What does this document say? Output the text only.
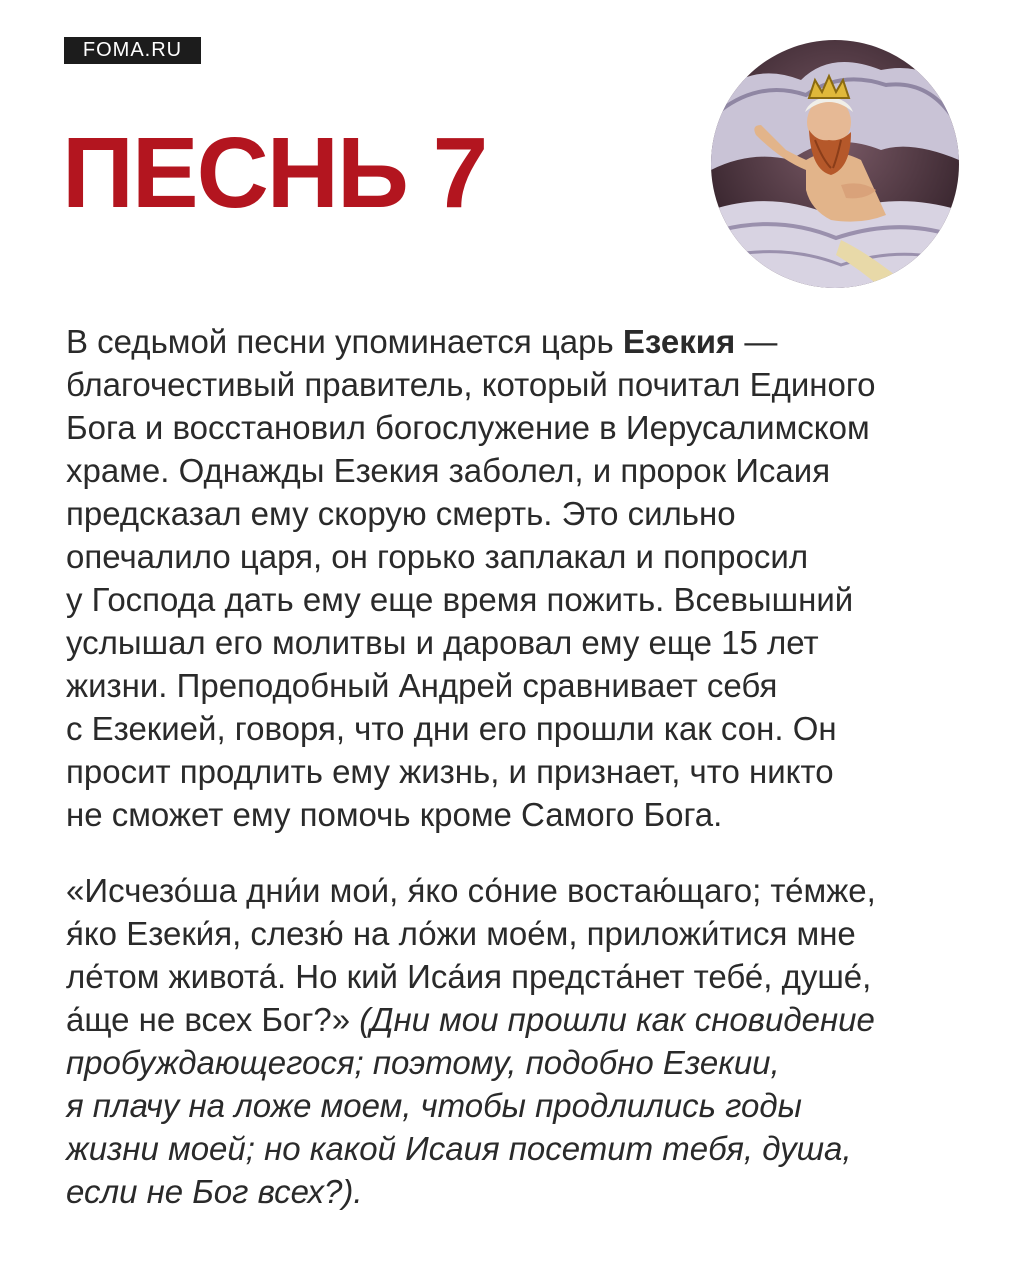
FOMA.RU
ПЕСНЬ 7
В седьмой песни упоминается царь Езекия —
благочестивый правитель, который почитал Единого
Бога и восстановил богослужение в Иерусалимском
храме. Однажды Езекия заболел, и пророк Исаия
предсказал ему скорую смерть. Это сильно
опечалило царя, он горько заплакал и попросил
у Господа дать ему еще время пожить. Всевышний
услышал его молитвы и даровал ему еще 15 лет
жизни. Преподобный Андрей сравнивает себя
с Езекией, говоря, что дни его прошли как сон. Он
просит продлить ему жизнь, и признает, что никто
не сможет ему помочь кроме Самого Бога.
«Исчезо́ша дни́и мои́, я́ко со́ние востаю́щаго; те́мже,
я́ко Езеки́я, слезю́ на ло́жи мое́м, приложи́тися мне
ле́том живота́. Но кий Иса́ия предста́нет тебе́, душе́,
а́ще не всех Бог?» (Дни мои прошли как сновидение
пробуждающегося; поэтому, подобно Езекии,
я плачу на ложе моем, чтобы продлились годы
жизни моей; но какой Исаия посетит тебя, душа,
если не Бог всех?).
